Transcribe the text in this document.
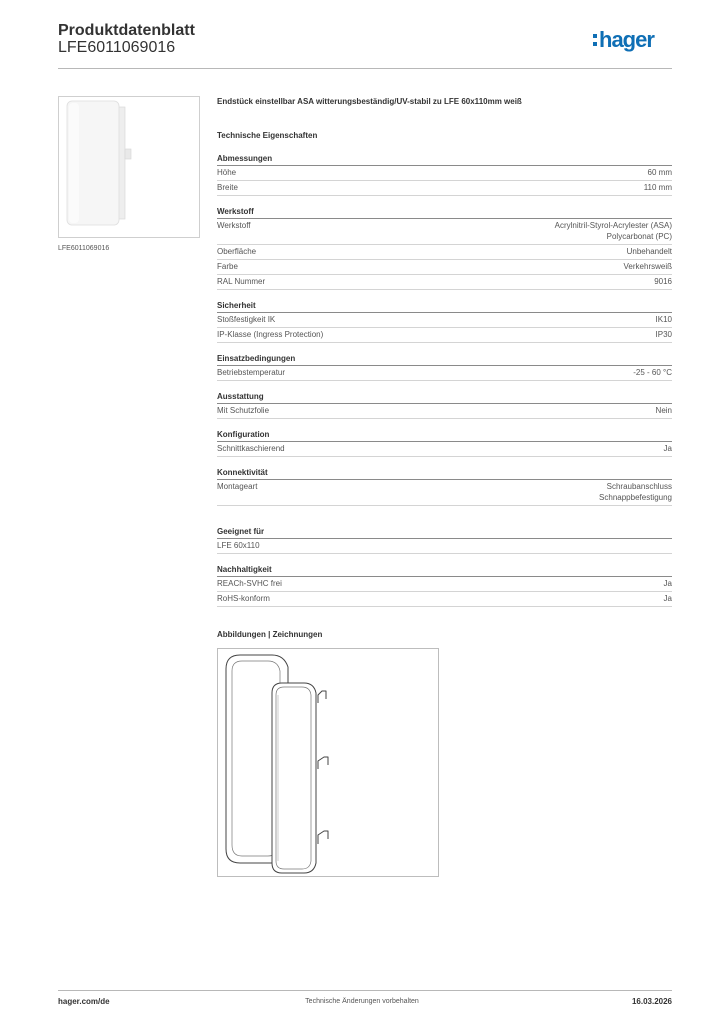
Produktdatenblatt
LFE6011069016	hager
LFE6011069016
Endstück einstellbar ASA witterungsbeständig/UV-stabil zu LFE 60x110mm weiß
Technische Eigenschaften
Abmessungen
Höhe	60 mm
Breite	110 mm
Werkstoff
Werkstoff	Acrylnitril-Styrol-Acrylester (ASA)
Polycarbonat (PC)
Oberfläche	Unbehandelt
Farbe	Verkehrsweiß
RAL Nummer	9016
Sicherheit
Stoßfestigkeit IK	IK10
IP-Klasse (Ingress Protection)	IP30
Einsatzbedingungen
Betriebstemperatur	-25 - 60 °C
Ausstattung
Mit Schutzfolie	Nein
Konfiguration
Schnittkaschierend	Ja
Konnektivität
Montageart	Schraubanschluss
Schnappbefestigung
Geeignet für
LFE 60x110
Nachhaltigkeit
REACh-SVHC frei	Ja
RoHS-konform	Ja
Abbildungen | Zeichnungen
hager.com/de	Technische Änderungen vorbehalten	16.03.2026
